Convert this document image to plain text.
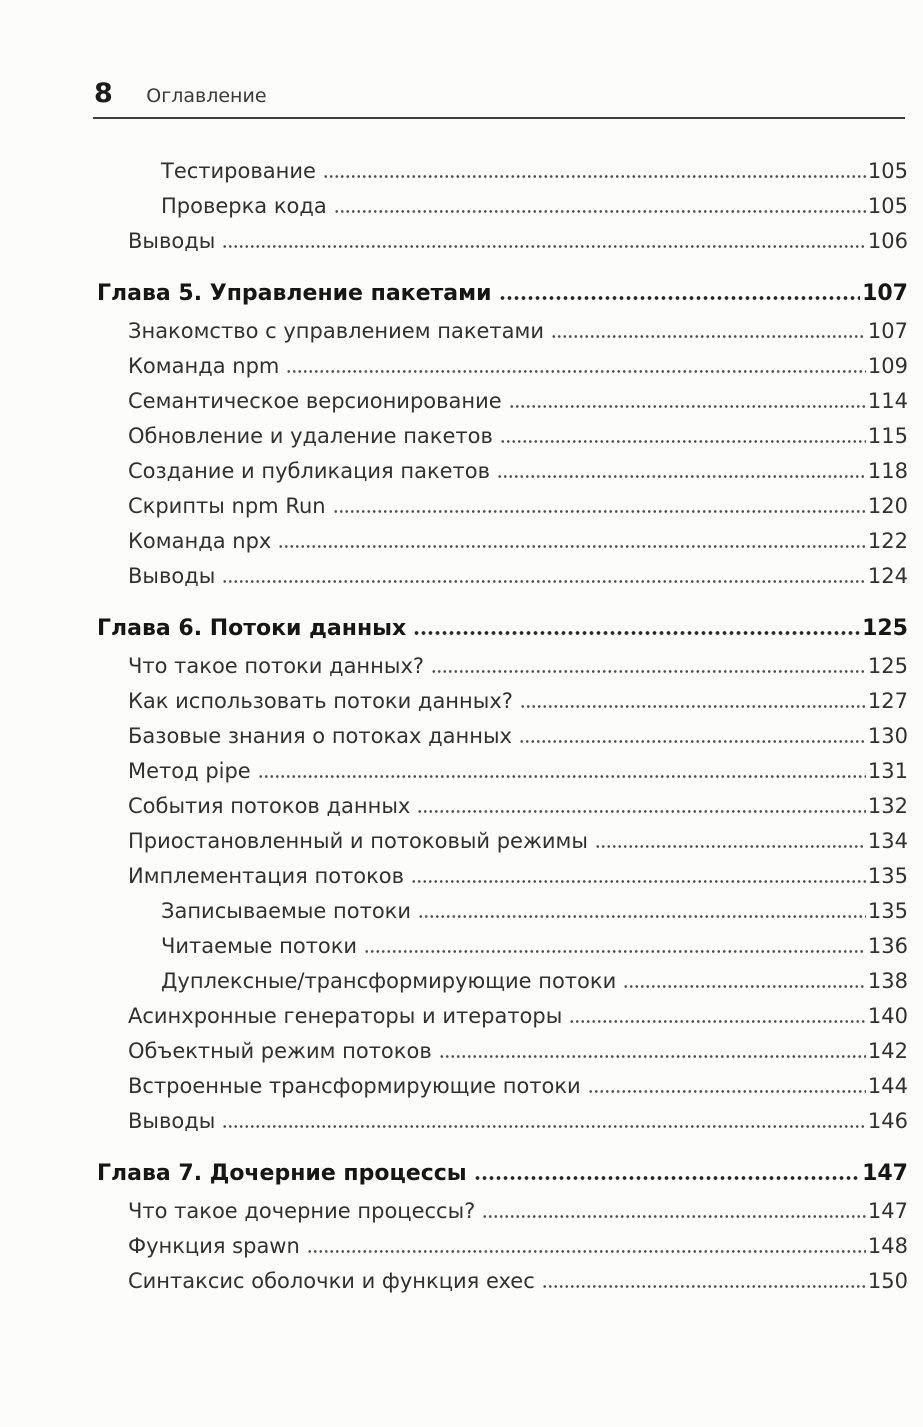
8 Оглавление
Тестирование	105
Проверка кода	105
Выводы	106
Глава 5. Управление пакетами	107
Знакомство с управлением пакетами	107
Команда npm	109
Семантическое версионирование	114
Обновление и удаление пакетов	115
Создание и публикация пакетов	118
Скрипты npm Run	120
Команда npx	122
Выводы	124
Глава 6. Потоки данных	125
Что такое потоки данных?	125
Как использовать потоки данных?	127
Базовые знания о потоках данных	130
Метод pipe	131
События потоков данных	132
Приостановленный и потоковый режимы	134
Имплементация потоков	135
Записываемые потоки	135
Читаемые потоки	136
Дуплексные/трансформирующие потоки	138
Асинхронные генераторы и итераторы	140
Объектный режим потоков	142
Встроенные трансформирующие потоки	144
Выводы	146
Глава 7. Дочерние процессы	147
Что такое дочерние процессы?	147
Функция spawn	148
Синтаксис оболочки и функция exec	150
